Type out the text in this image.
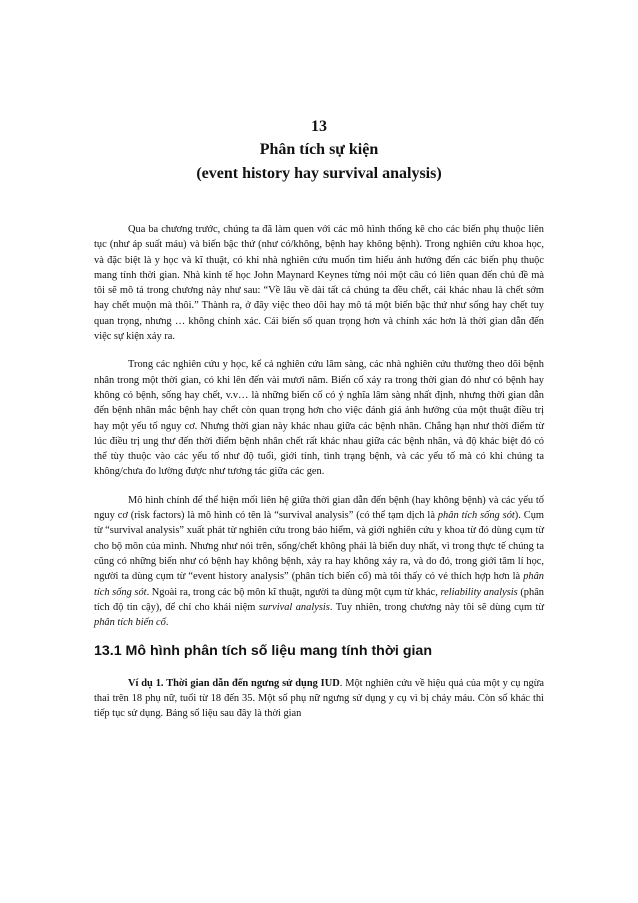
13
Phân tích sự kiện
(event history hay survival analysis)

Qua ba chương trước, chúng ta đã làm quen với các mô hình thống kê cho các biến phụ thuộc liên tục (như áp suất máu) và biến bậc thứ (như có/không, bệnh hay không bệnh). Trong nghiên cứu khoa học, và đặc biệt là y học và kĩ thuật, có khi nhà nghiên cứu muốn tìm hiểu ảnh hưởng đến các biến phụ thuộc mang tính thời gian. Nhà kinh tế học John Maynard Keynes từng nói một câu có liên quan đến chủ đề mà tôi sẽ mô tả trong chương này như sau: “Về lâu về dài tất cả chúng ta đều chết, cái khác nhau là chết sớm hay chết muộn mà thôi.” Thành ra, ở đây việc theo dõi hay mô tả một biến bậc thứ như sống hay chết tuy quan trọng, nhưng … không chính xác. Cái biến số quan trọng hơn và chính xác hơn là thời gian dẫn đến việc sự kiện xảy ra.

Trong các nghiên cứu y học, kể cả nghiên cứu lâm sàng, các nhà nghiên cứu thường theo dõi bệnh nhân trong một thời gian, có khi lên đến vài mươi năm. Biến cố xảy ra trong thời gian đó như có bệnh hay không có bệnh, sống hay chết, v.v… là những biến cố có ý nghĩa lâm sàng nhất định, nhưng thời gian dẫn đến bệnh nhân mắc bệnh hay chết còn quan trọng hơn cho việc đánh giá ảnh hưởng của một thuật điều trị hay một yếu tố nguy cơ. Nhưng thời gian này khác nhau giữa các bệnh nhân. Chẳng hạn như thời điểm từ lúc điều trị ung thư đến thời điểm bệnh nhân chết rất khác nhau giữa các bệnh nhân, và độ khác biệt đó có thể tùy thuộc vào các yếu tố như độ tuổi, giới tính, tình trạng bệnh, và các yếu tố mà có khi chúng ta không/chưa đo lường được như tương tác giữa các gen.

Mô hình chính để thể hiện mối liên hệ giữa thời gian dẫn đến bệnh (hay không bệnh) và các yếu tố nguy cơ (risk factors) là mô hình có tên là “survival analysis” (có thể tạm dịch là phân tích sống sót). Cụm từ “survival analysis” xuất phát từ nghiên cứu trong bảo hiểm, và giới nghiên cứu y khoa từ đó dùng cụm từ cho bộ môn của mình. Nhưng như nói trên, sống/chết không phải là biến duy nhất, vì trong thực tế chúng ta cũng có những biến như có bệnh hay không bệnh, xảy ra hay không xảy ra, và do đó, trong giới tâm lí học, người ta dùng cụm từ “event history analysis” (phân tích biến cố) mà tôi thấy có vẻ thích hợp hơn là phân tích sống sót. Ngoài ra, trong các bộ môn kĩ thuật, người ta dùng một cụm từ khác, reliability analysis (phân tích độ tin cậy), để chỉ cho khái niệm survival analysis. Tuy nhiên, trong chương này tôi sẽ dùng cụm từ phân tích biến cố.

13.1 Mô hình phân tích số liệu mang tính thời gian

Ví dụ 1. Thời gian dẫn đến ngưng sử dụng IUD. Một nghiên cứu về hiệu quả của một y cụ ngừa thai trên 18 phụ nữ, tuổi từ 18 đến 35. Một số phụ nữ ngưng sử dụng y cụ vì bị chảy máu. Còn số khác thì tiếp tục sử dụng. Bảng số liệu sau đây là thời gian
